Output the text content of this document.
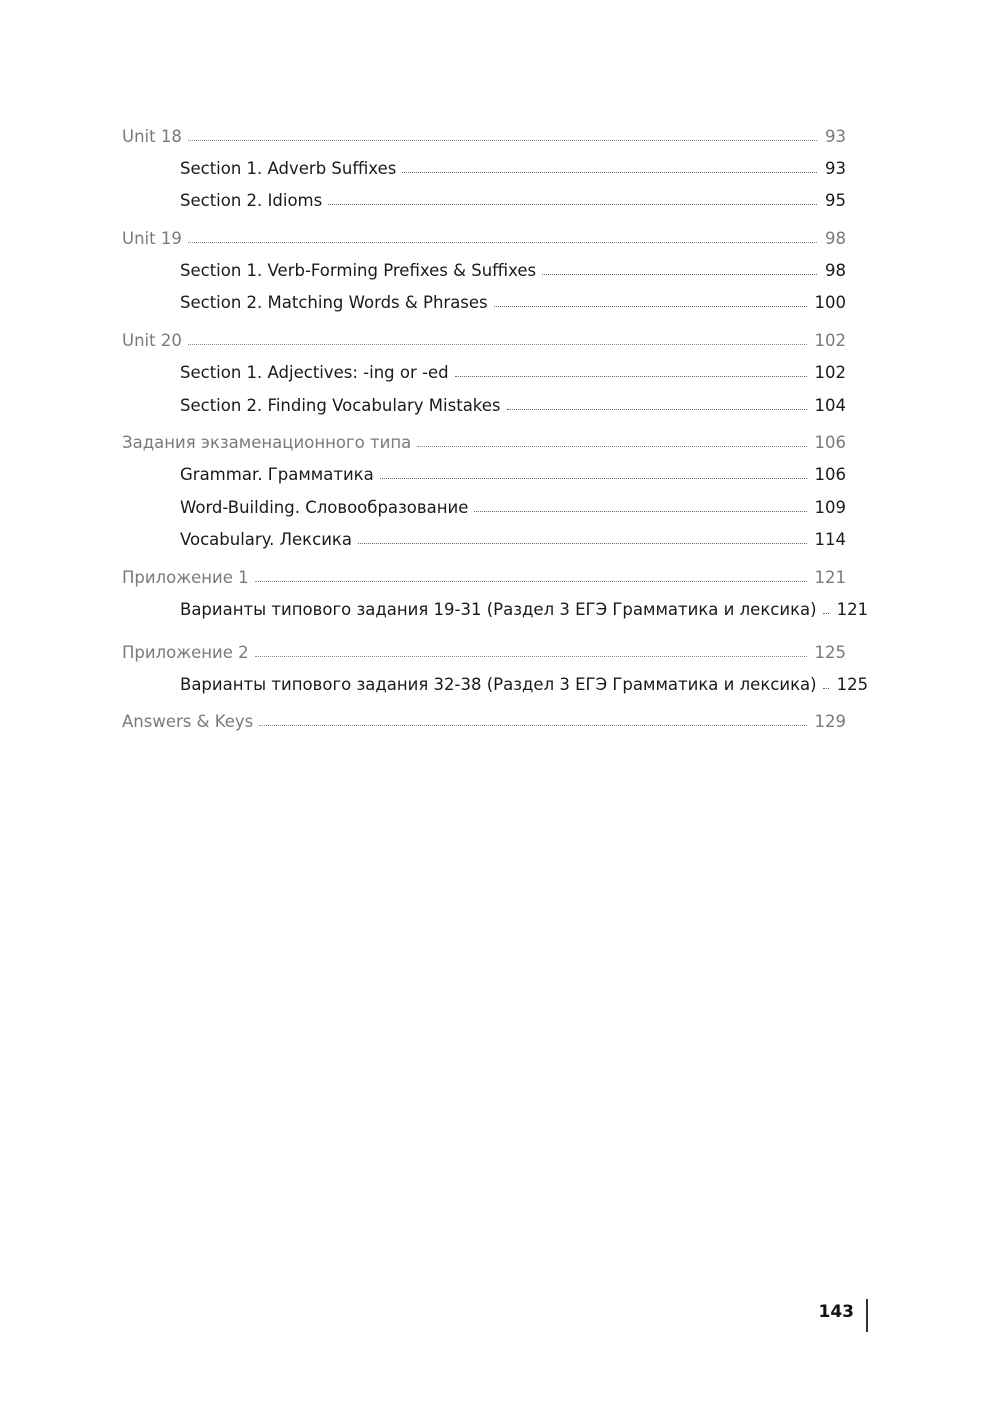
Unit 18	93
Section 1. Adverb Suffixes	93
Section 2. Idioms	95
Unit 19	98
Section 1. Verb-Forming Prefixes & Suffixes	98
Section 2. Matching Words & Phrases	100
Unit 20	102
Section 1. Adjectives: -ing or -ed	102
Section 2. Finding Vocabulary Mistakes	104
Задания экзаменационного типа	106
Grammar. Грамматика	106
Word-Building. Словообразование	109
Vocabulary. Лексика	114
Приложение 1	121
Варианты типового задания 19-31 (Раздел 3 ЕГЭ Грамматика и лексика) 121
Приложение 2	125
Варианты типового задания 32-38 (Раздел 3 ЕГЭ Грамматика и лексика) 125
Answers & Keys	129
143
